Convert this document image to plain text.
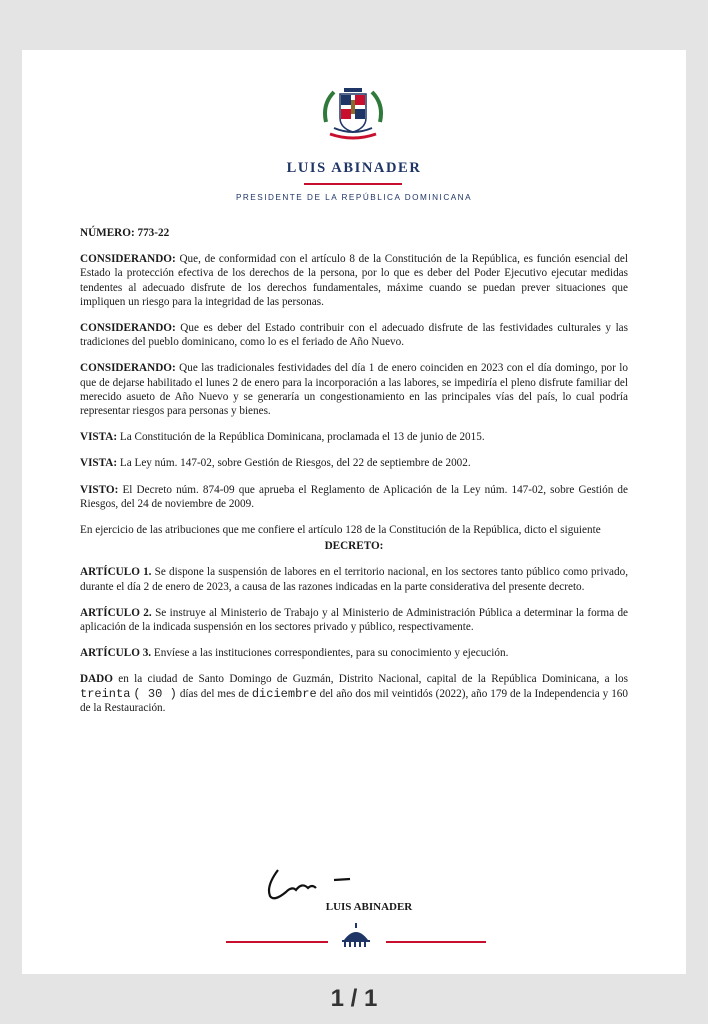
LUIS ABINADER
PRESIDENTE DE LA REPÚBLICA DOMINICANA

NÚMERO: 773-22

CONSIDERANDO: Que, de conformidad con el artículo 8 de la Constitución de la República, es función esencial del Estado la protección efectiva de los derechos de la persona, por lo que es deber del Poder Ejecutivo ejecutar medidas tendentes al adecuado disfrute de los derechos fundamentales, máxime cuando se puedan prever situaciones que impliquen un riesgo para la integridad de las personas.

CONSIDERANDO: Que es deber del Estado contribuir con el adecuado disfrute de las festividades culturales y las tradiciones del pueblo dominicano, como lo es el feriado de Año Nuevo.

CONSIDERANDO: Que las tradicionales festividades del día 1 de enero coinciden en 2023 con el día domingo, por lo que de dejarse habilitado el lunes 2 de enero para la incorporación a las labores, se impediría el pleno disfrute familiar del merecido asueto de Año Nuevo y se generaría un congestionamiento en las principales vías del país, lo cual podría representar riesgos para personas y bienes.

VISTA: La Constitución de la República Dominicana, proclamada el 13 de junio de 2015.

VISTA: La Ley núm. 147-02, sobre Gestión de Riesgos, del 22 de septiembre de 2002.

VISTO: El Decreto núm. 874-09 que aprueba el Reglamento de Aplicación de la Ley núm. 147-02, sobre Gestión de Riesgos, del 24 de noviembre de 2009.

En ejercicio de las atribuciones que me confiere el artículo 128 de la Constitución de la República, dicto el siguiente

DECRETO:

ARTÍCULO 1. Se dispone la suspensión de labores en el territorio nacional, en los sectores tanto público como privado, durante el día 2 de enero de 2023, a causa de las razones indicadas en la parte considerativa del presente decreto.

ARTÍCULO 2. Se instruye al Ministerio de Trabajo y al Ministerio de Administración Pública a determinar la forma de aplicación de la indicada suspensión en los sectores privado y público, respectivamente.

ARTÍCULO 3. Envíese a las instituciones correspondientes, para su conocimiento y ejecución.

DADO en la ciudad de Santo Domingo de Guzmán, Distrito Nacional, capital de la República Dominicana, a los treinta ( 30 ) días del mes de diciembre del año dos mil veintidós (2022), año 179 de la Independencia y 160 de la Restauración.

LUIS ABINADER
1 / 1
